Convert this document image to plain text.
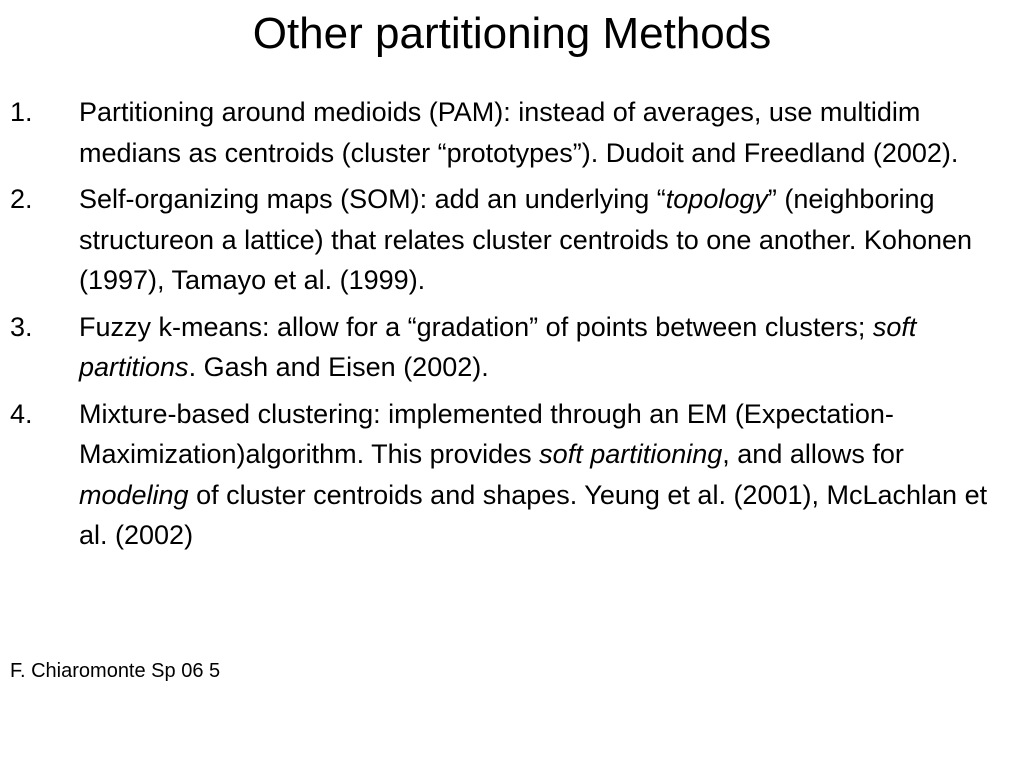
Other partitioning Methods
1.	Partitioning around medioids (PAM): instead of averages, use multidim medians as centroids (cluster “prototypes”). Dudoit and Freedland (2002).
2.	Self-organizing maps (SOM): add an underlying “topology” (neighboring structureon a lattice) that relates cluster centroids to one another. Kohonen (1997), Tamayo et al. (1999).
3.	Fuzzy k-means: allow for a “gradation” of points between clusters; soft partitions. Gash and Eisen (2002).
4.	Mixture-based clustering: implemented through an EM (Expectation-Maximization)algorithm. This provides soft partitioning, and allows for modeling of cluster centroids and shapes. Yeung et al. (2001), McLachlan et al. (2002)

F. Chiaromonte Sp 06 5
